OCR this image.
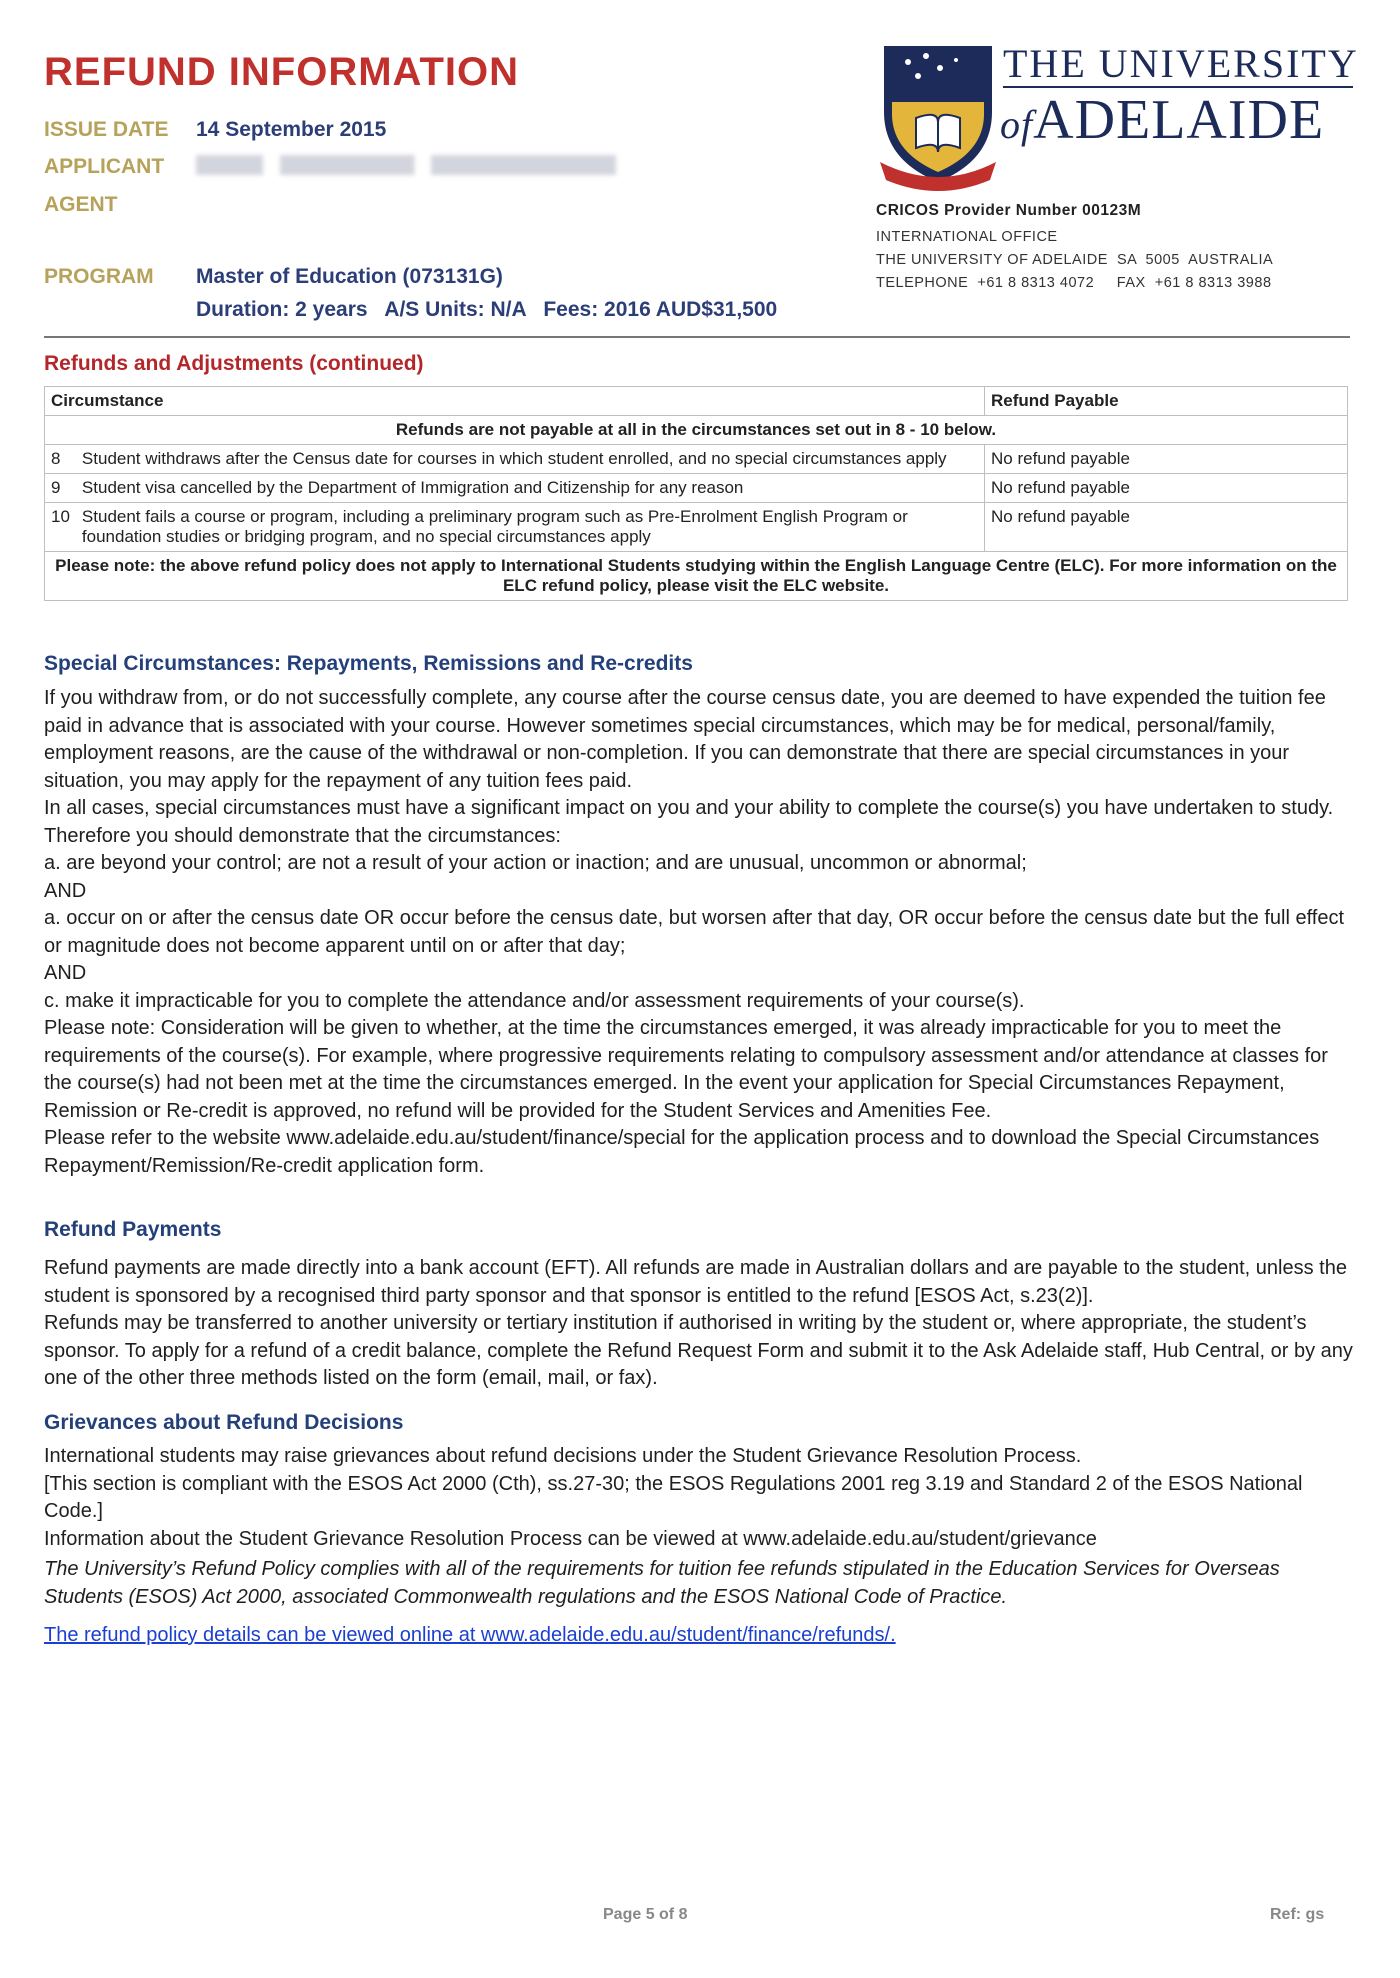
REFUND INFORMATION
ISSUE DATE 14 September 2015
APPLICANT
AGENT
PROGRAM Master of Education (073131G)
Duration: 2 years   A/S Units: N/A   Fees: 2016 AUD$31,500
THE UNIVERSITY
ofADELAIDE
CRICOS Provider Number 00123M
INTERNATIONAL OFFICE
THE UNIVERSITY OF ADELAIDE  SA  5005  AUSTRALIA
TELEPHONE  +61 8 8313 4072     FAX  +61 8 8313 3988
Refunds and Adjustments (continued)
Circumstance		Refund Payable
Refunds are not payable at all in the circumstances set out in 8 - 10 below.		
8	Student withdraws after the Census date for courses in which student enrolled, and no special circumstances apply	No refund payable
9	Student visa cancelled by the Department of Immigration and Citizenship for any reason	No refund payable
10	Student fails a course or program, including a preliminary program such as Pre-Enrolment English Program or foundation studies or bridging program, and no special circumstances apply	No refund payable
Please note: the above refund policy does not apply to International Students studying within the English Language Centre (ELC). For more information on the ELC refund policy, please visit the ELC website.		
Special Circumstances: Repayments, Remissions and Re-credits

If you withdraw from, or do not successfully complete, any course after the course census date, you are deemed to have expended the tuition fee paid in advance that is associated with your course. However sometimes special circumstances, which may be for medical, personal/family, employment reasons, are the cause of the withdrawal or non-completion. If you can demonstrate that there are special circumstances in your situation, you may apply for the repayment of any tuition fees paid.

In all cases, special circumstances must have a significant impact on you and your ability to complete the course(s) you have undertaken to study.

Therefore you should demonstrate that the circumstances:

a. are beyond your control; are not a result of your action or inaction; and are unusual, uncommon or abnormal;

AND

a. occur on or after the census date OR occur before the census date, but worsen after that day, OR occur before the census date but the full effect or magnitude does not become apparent until on or after that day;

AND

c. make it impracticable for you to complete the attendance and/or assessment requirements of your course(s).

Please note: Consideration will be given to whether, at the time the circumstances emerged, it was already impracticable for you to meet the requirements of the course(s). For example, where progressive requirements relating to compulsory assessment and/or attendance at classes for the course(s) had not been met at the time the circumstances emerged. In the event your application for Special Circumstances Repayment, Remission or Re-credit is approved, no refund will be provided for the Student Services and Amenities Fee.

Please refer to the website www.adelaide.edu.au/student/finance/special for the application process and to download the Special Circumstances Repayment/Remission/Re-credit application form.

Refund Payments

Refund payments are made directly into a bank account (EFT). All refunds are made in Australian dollars and are payable to the student, unless the student is sponsored by a recognised third party sponsor and that sponsor is entitled to the refund [ESOS Act, s.23(2)].

Refunds may be transferred to another university or tertiary institution if authorised in writing by the student or, where appropriate, the student’s sponsor. To apply for a refund of a credit balance, complete the Refund Request Form and submit it to the Ask Adelaide staff, Hub Central, or by any one of the other three methods listed on the form (email, mail, or fax).

Grievances about Refund Decisions

International students may raise grievances about refund decisions under the Student Grievance Resolution Process.

[This section is compliant with the ESOS Act 2000 (Cth), ss.27-30; the ESOS Regulations 2001 reg 3.19 and Standard 2 of the ESOS National Code.]

Information about the Student Grievance Resolution Process can be viewed at www.adelaide.edu.au/student/grievance

The University’s Refund Policy complies with all of the requirements for tuition fee refunds stipulated in the Education Services for Overseas Students (ESOS) Act 2000, associated Commonwealth regulations and the ESOS National Code of Practice.
The refund policy details can be viewed online at www.adelaide.edu.au/student/finance/refunds/.
Page 5 of 8	Ref: gs
